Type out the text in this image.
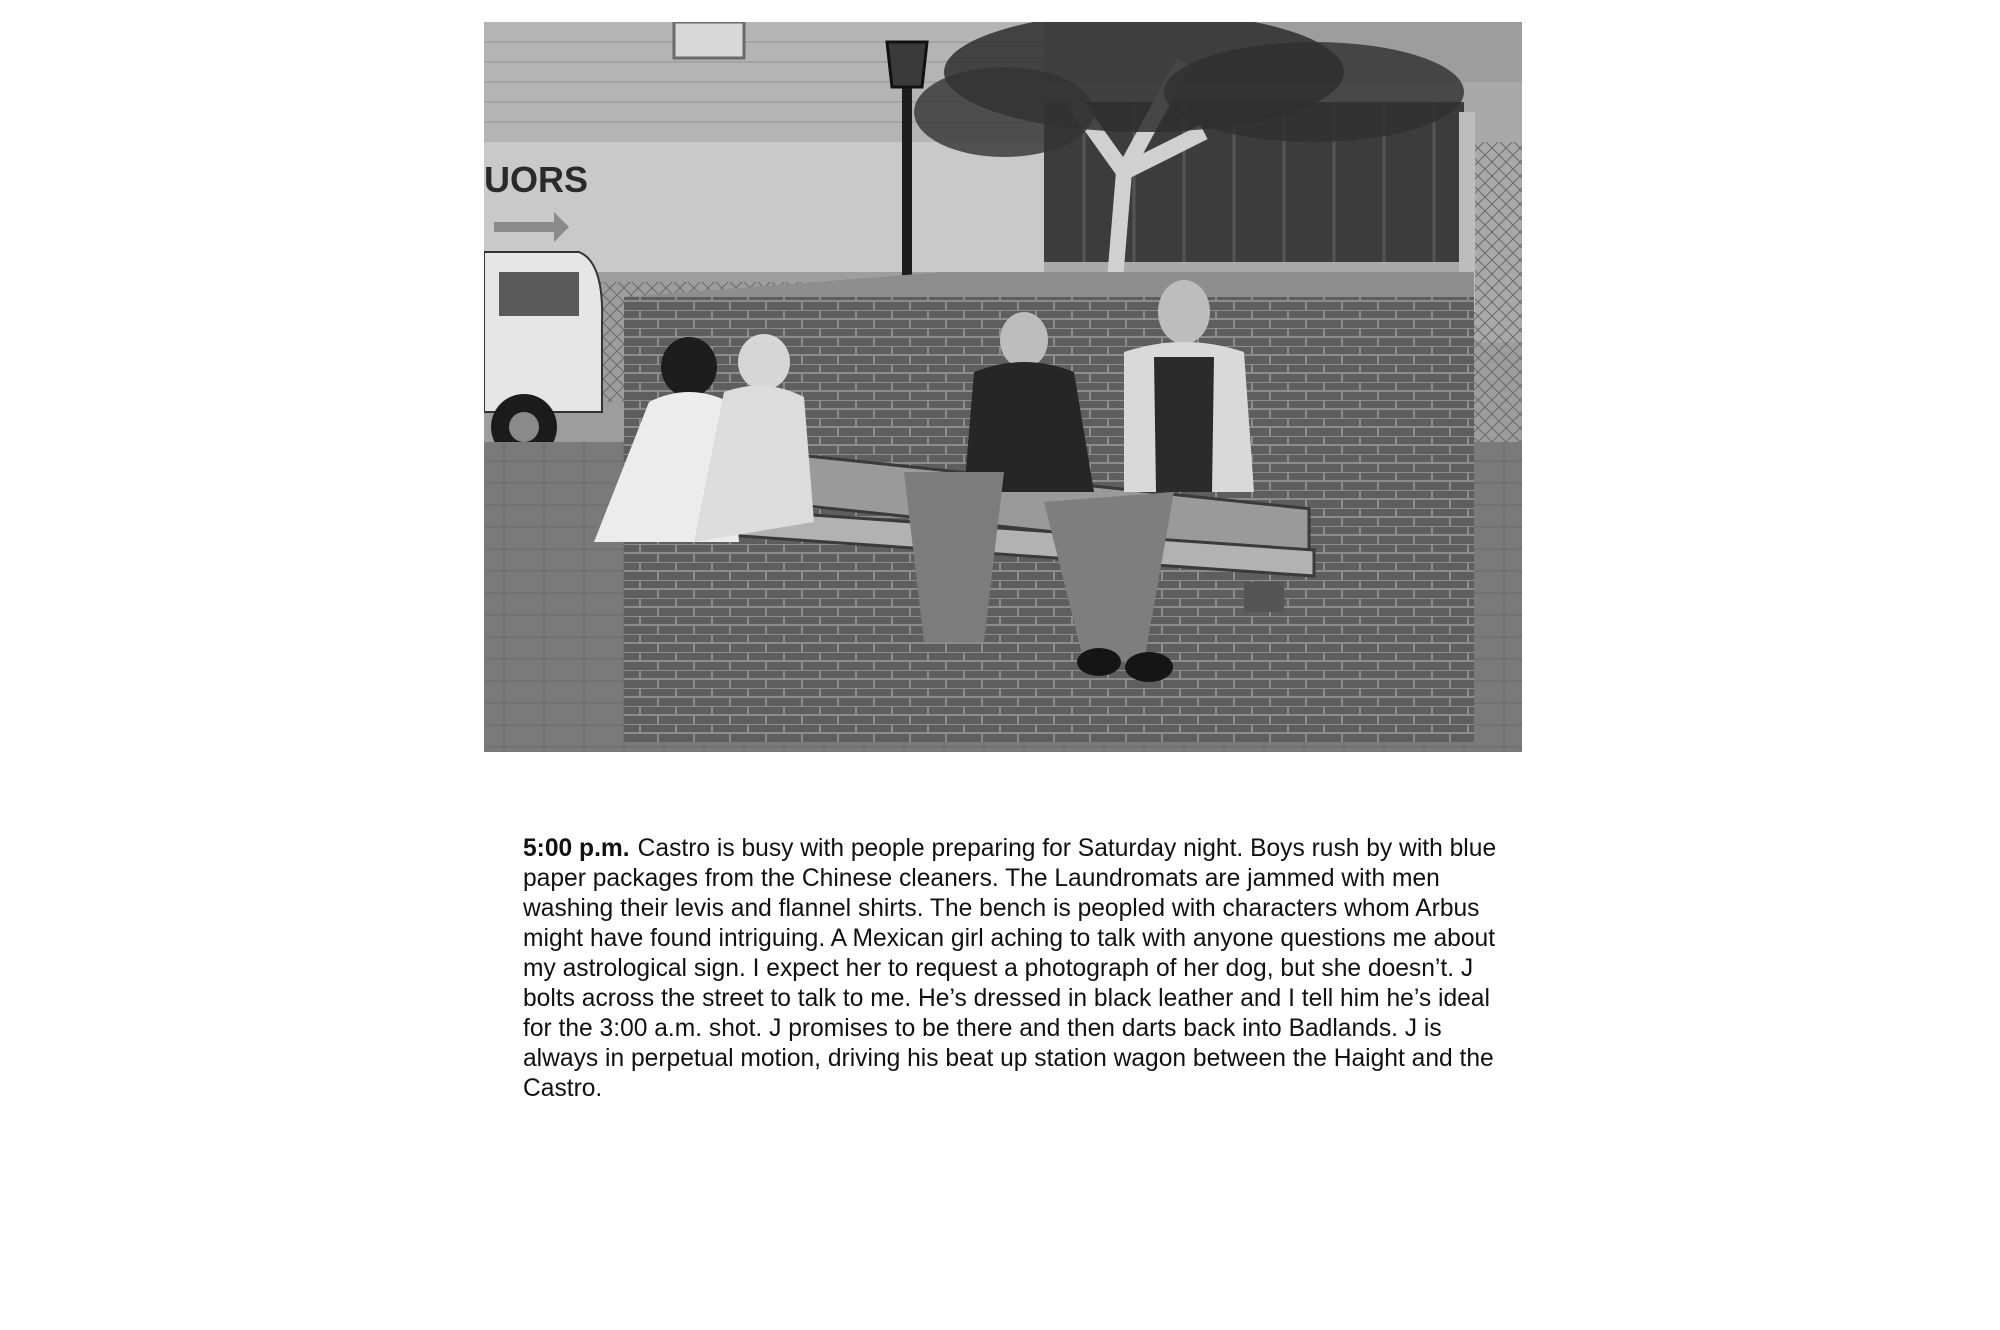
UORS

5:00 p.m. Castro is busy with people preparing for Saturday night. Boys rush by with blue paper packages from the Chinese cleaners. The Laundromats are jammed with men washing their levis and flannel shirts. The bench is peopled with characters whom Arbus might have found intriguing. A Mexican girl aching to talk with anyone questions me about my astrological sign. I expect her to request a photograph of her dog, but she doesn’t. J bolts across the street to talk to me. He’s dressed in black leather and I tell him he’s ideal for the 3:00 a.m. shot. J promises to be there and then darts back into Badlands. J is always in perpetual motion, driving his beat up station wagon between the Haight and the Castro.
